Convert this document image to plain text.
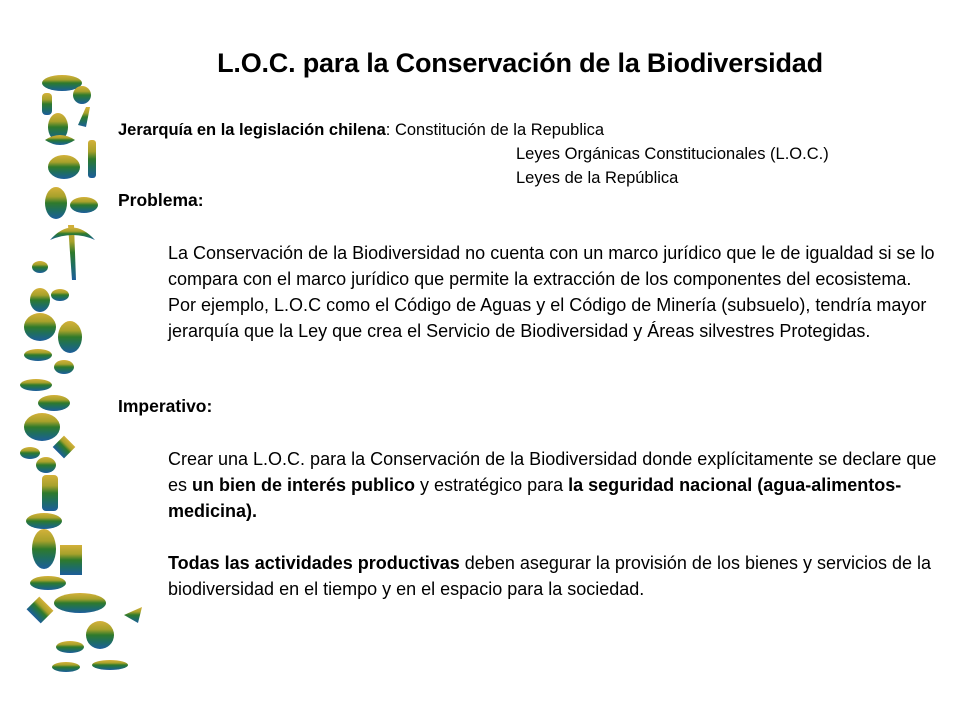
L.O.C. para la Conservación de la Biodiversidad
Jerarquía en la legislación chilena: Constitución de la Republica
Leyes Orgánicas Constitucionales (L.O.C.)
Leyes de la República
Problema:
La Conservación de la Biodiversidad no cuenta con un marco jurídico que le de igualdad si se lo compara con el marco jurídico que permite la extracción de los componentes del ecosistema. Por ejemplo, L.O.C como el Código de Aguas y el Código de Minería (subsuelo), tendría mayor jerarquía que la Ley que crea el Servicio de Biodiversidad y Áreas silvestres Protegidas.
Imperativo:
Crear una L.O.C. para la Conservación de la Biodiversidad donde explícitamente se declare que es un bien de interés publico y estratégico para la seguridad nacional (agua-alimentos-medicina).
Todas las actividades productivas deben asegurar la provisión de los bienes y servicios de la biodiversidad en el tiempo y en el espacio para la sociedad.
